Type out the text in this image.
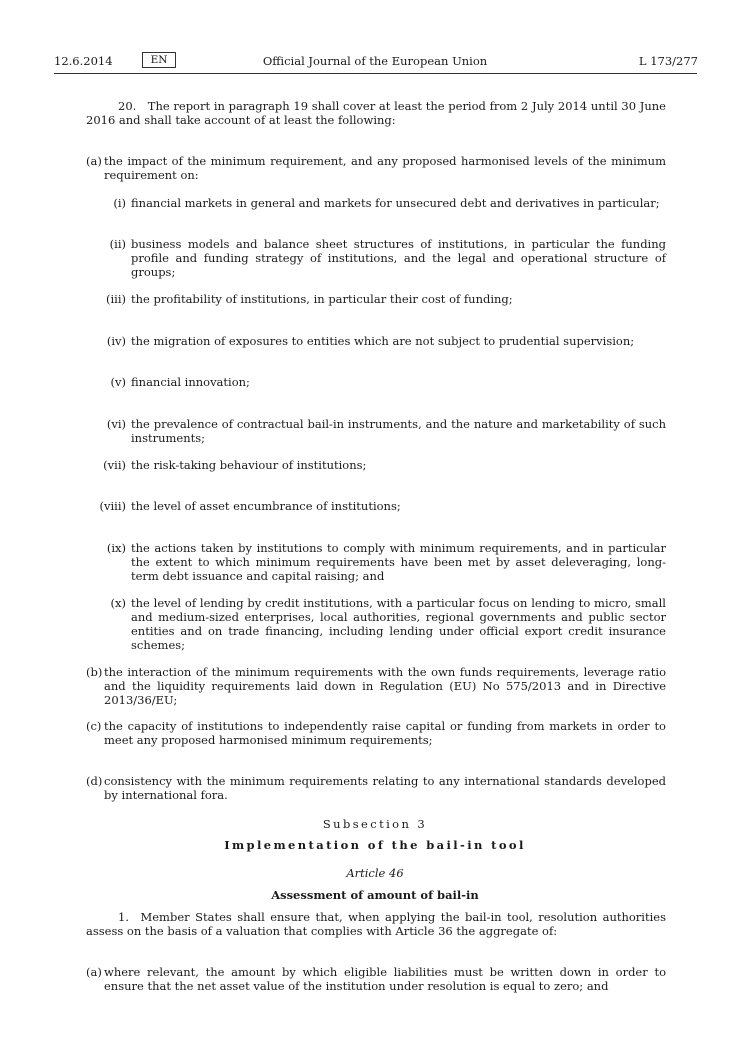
12.6.2014	EN	Official Journal of the European Union	L 173/277
20. The report in paragraph 19 shall cover at least the period from 2 July 2014 until 30 June 2016 and shall take account of at least the following:
(a) the impact of the minimum requirement, and any proposed harmonised levels of the minimum requirement on:
(i) financial markets in general and markets for unsecured debt and derivatives in particular;
(ii) business models and balance sheet structures of institutions, in particular the funding profile and funding strategy of institutions, and the legal and operational structure of groups;
(iii) the profitability of institutions, in particular their cost of funding;
(iv) the migration of exposures to entities which are not subject to prudential supervision;
(v) financial innovation;
(vi) the prevalence of contractual bail-in instruments, and the nature and marketability of such instruments;
(vii) the risk-taking behaviour of institutions;
(viii) the level of asset encumbrance of institutions;
(ix) the actions taken by institutions to comply with minimum requirements, and in particular the extent to which minimum requirements have been met by asset deleveraging, long-term debt issuance and capital raising; and
(x) the level of lending by credit institutions, with a particular focus on lending to micro, small and medium-sized enterprises, local authorities, regional governments and public sector entities and on trade financing, including lending under official export credit insurance schemes;
(b) the interaction of the minimum requirements with the own funds requirements, leverage ratio and the liquidity requirements laid down in Regulation (EU) No 575/2013 and in Directive 2013/36/EU;
(c) the capacity of institutions to independently raise capital or funding from markets in order to meet any proposed harmonised minimum requirements;
(d) consistency with the minimum requirements relating to any international standards developed by international fora.
Subsection 3
Implementation of the bail-in tool
Article 46
Assessment of amount of bail-in
1. Member States shall ensure that, when applying the bail-in tool, resolution authorities assess on the basis of a valuation that complies with Article 36 the aggregate of:
(a) where relevant, the amount by which eligible liabilities must be written down in order to ensure that the net asset value of the institution under resolution is equal to zero; and
